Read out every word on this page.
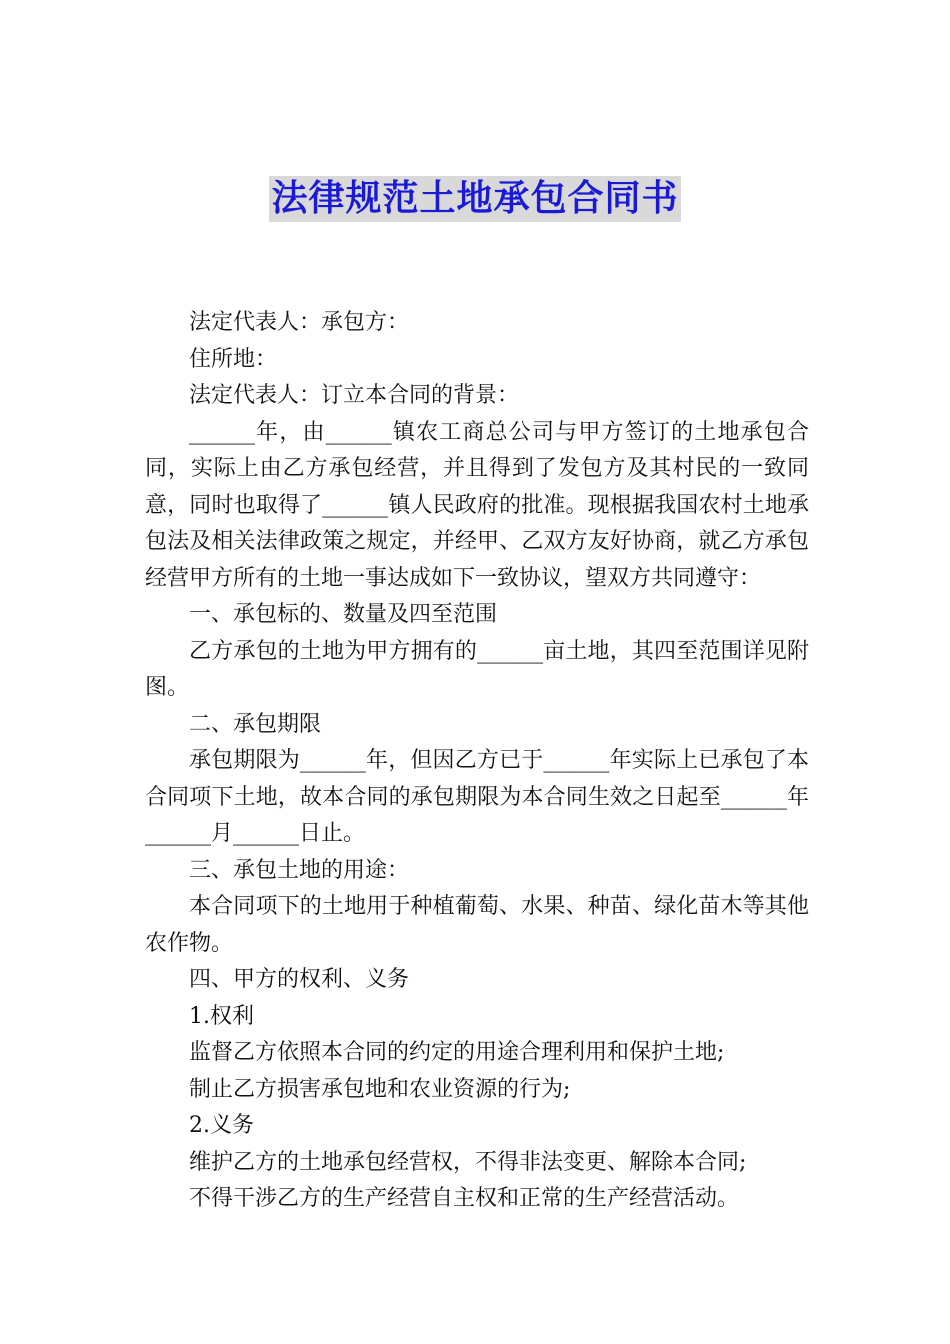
法律规范土地承包合同书

法定代表人：承包方：

住所地：

法定代表人：订立本合同的背景：

______年，由______镇农工商总公司与甲方签订的土地承包合同，实际上由乙方承包经营，并且得到了发包方及其村民的一致同意，同时也取得了______镇人民政府的批准。现根据我国农村土地承包法及相关法律政策之规定，并经甲、乙双方友好协商，就乙方承包经营甲方所有的土地一事达成如下一致协议，望双方共同遵守：

一、承包标的、数量及四至范围

乙方承包的土地为甲方拥有的______亩土地，其四至范围详见附图。

二、承包期限

承包期限为______年，但因乙方已于______年实际上已承包了本合同项下土地，故本合同的承包期限为本合同生效之日起至______年______月______日止。

三、承包土地的用途：

本合同项下的土地用于种植葡萄、水果、种苗、绿化苗木等其他农作物。

四、甲方的权利、义务

1.权利

监督乙方依照本合同的约定的用途合理利用和保护土地;

制止乙方损害承包地和农业资源的行为;

2.义务

维护乙方的土地承包经营权，不得非法变更、解除本合同;

不得干涉乙方的生产经营自主权和正常的生产经营活动。
